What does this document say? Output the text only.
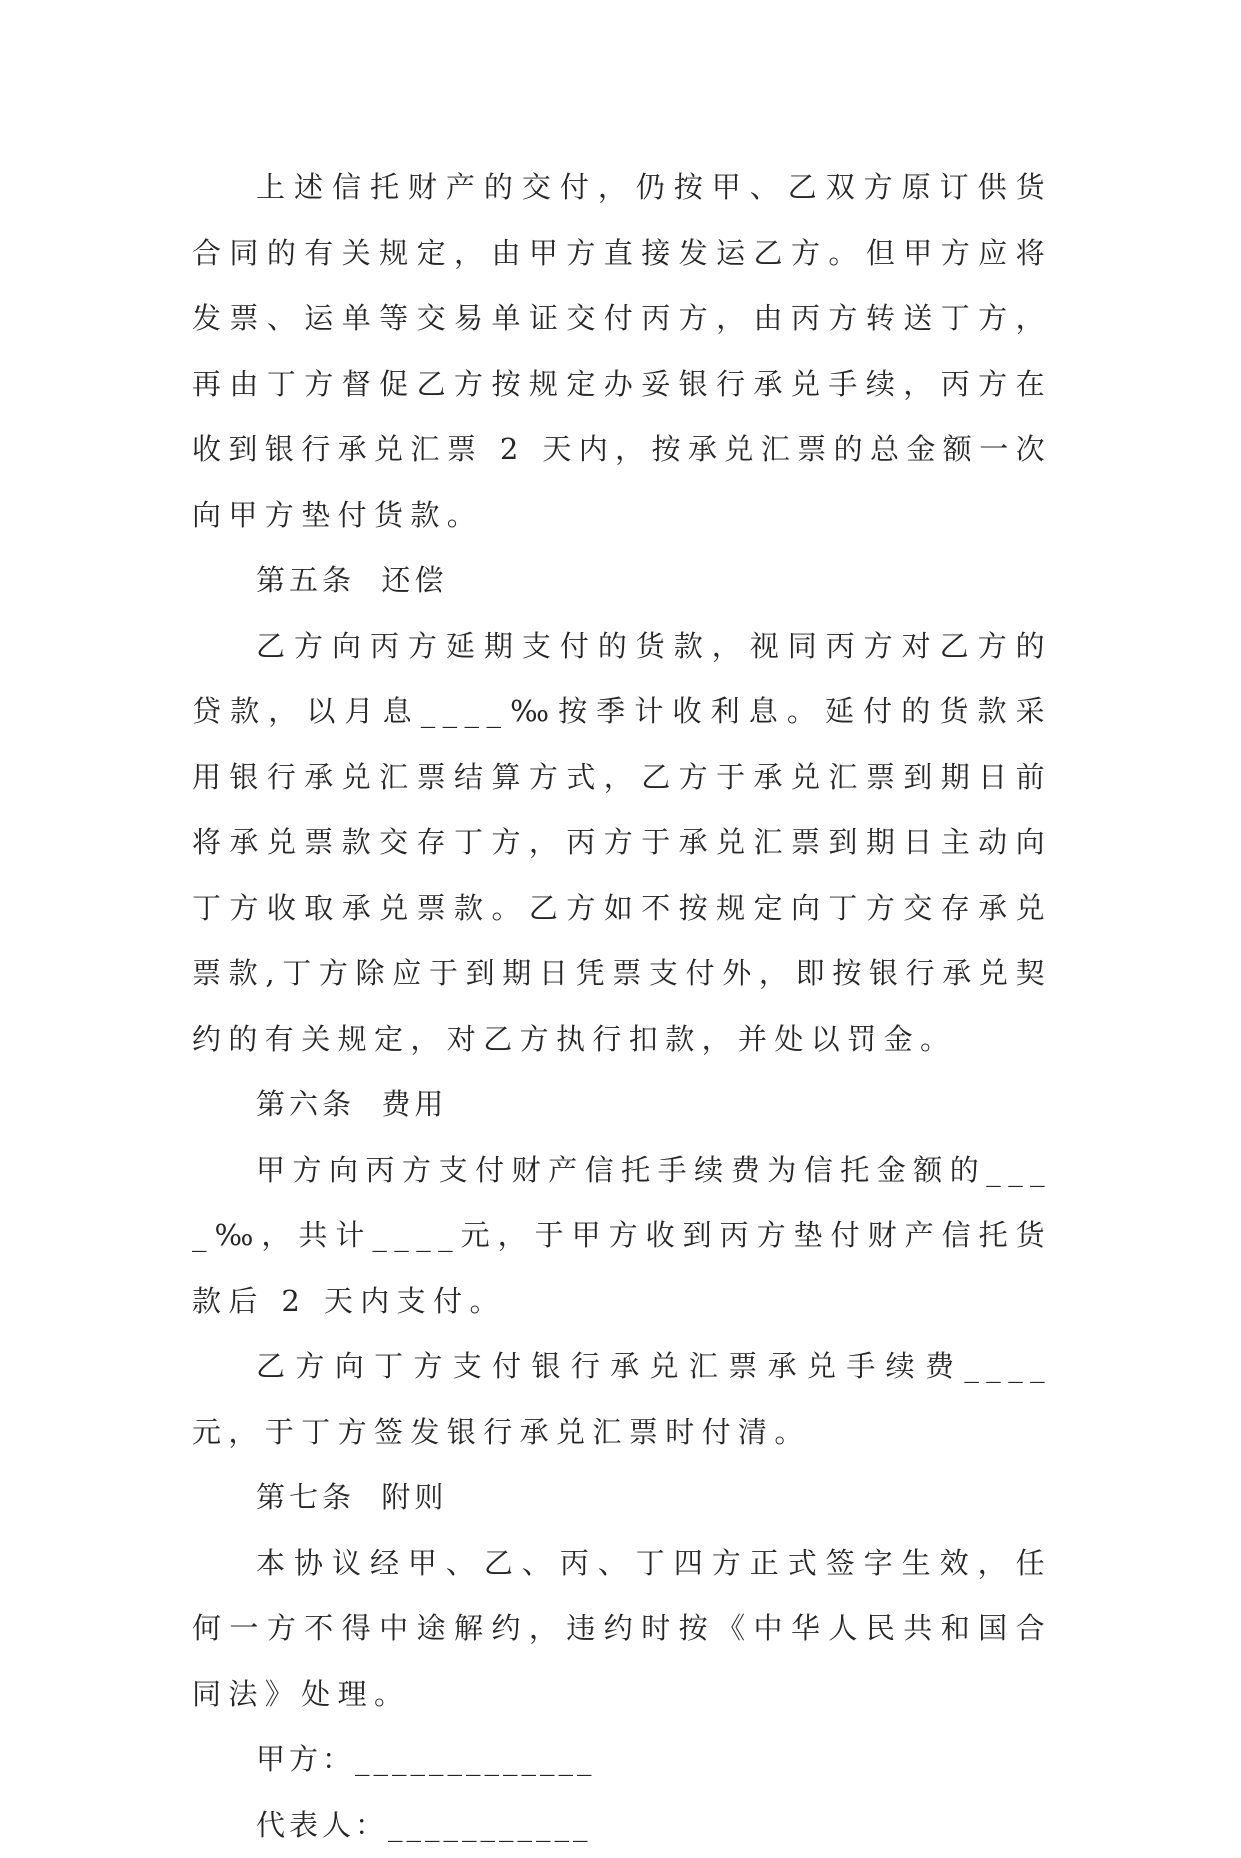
上述信托财产的交付，仍按甲、乙双方原订供货合同的有关规定，由甲方直接发运乙方。但甲方应将发票、运单等交易单证交付丙方，由丙方转送丁方，再由丁方督促乙方按规定办妥银行承兑手续，丙方在收到银行承兑汇票 2 天内，按承兑汇票的总金额一次向甲方垫付货款。

第五条  还偿

乙方向丙方延期支付的货款，视同丙方对乙方的贷款，以月息____‰按季计收利息。延付的货款采用银行承兑汇票结算方式，乙方于承兑汇票到期日前将承兑票款交存丁方，丙方于承兑汇票到期日主动向丁方收取承兑票款。乙方如不按规定向丁方交存承兑票款,丁方除应于到期日凭票支付外，即按银行承兑契约的有关规定，对乙方执行扣款，并处以罚金。

第六条  费用

甲方向丙方支付财产信托手续费为信托金额的____‰，共计____元，于甲方收到丙方垫付财产信托货款后 2 天内支付。

乙方向丁方支付银行承兑汇票承兑手续费____元，于丁方签发银行承兑汇票时付清。

第七条  附则

本协议经甲、乙、丙、丁四方正式签字生效，任何一方不得中途解约，违约时按《中华人民共和国合同法》处理。

甲方：_____________

代表人：___________
